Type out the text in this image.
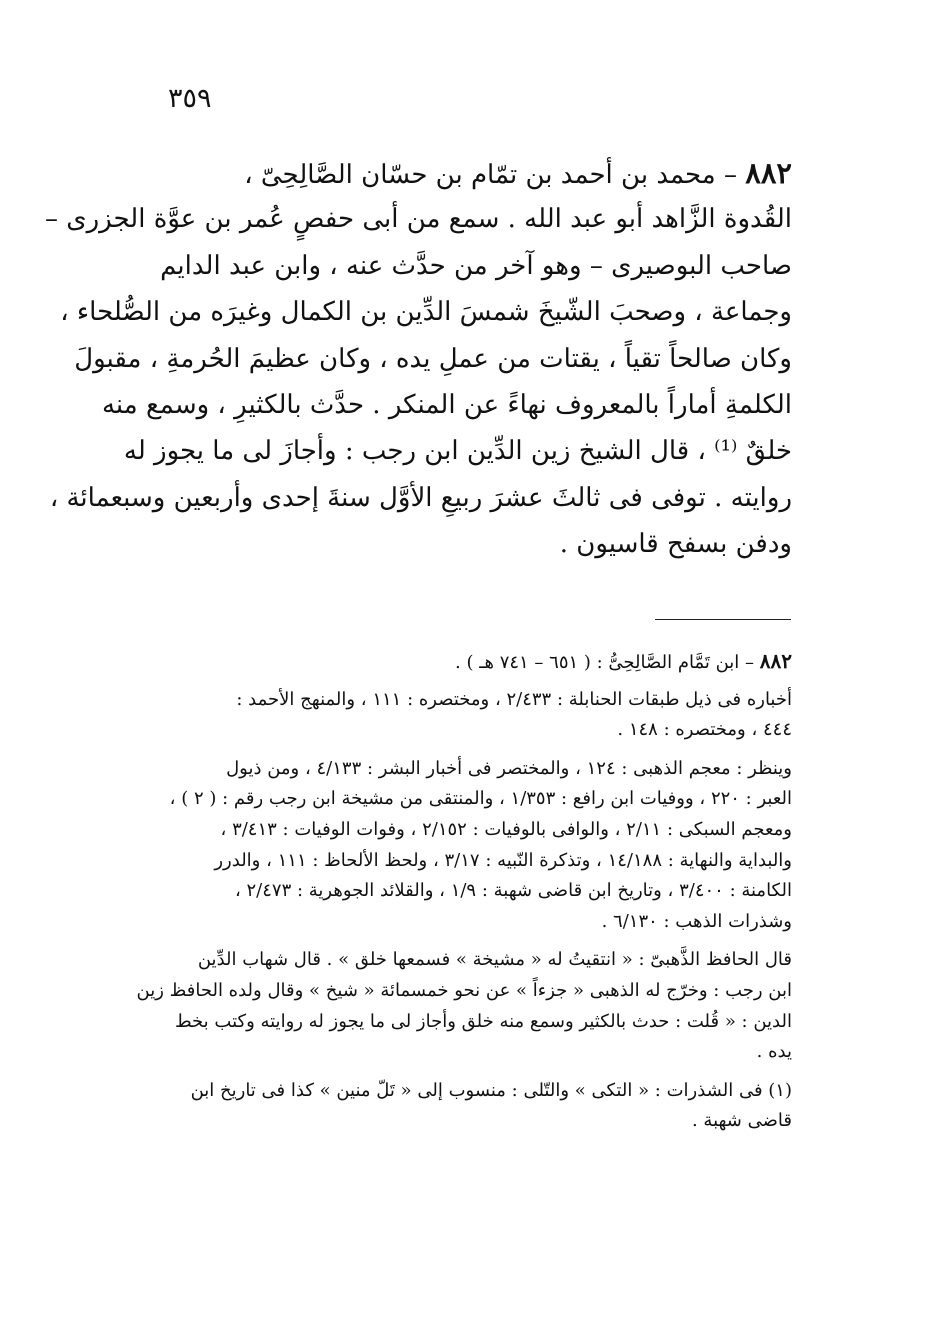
٣٥٩
٨٨٢ – محمد بن أحمد بن تمّام بن حسّان الصَّالِحِىّ ،
القُدوة الزَّاهد أبو عبد الله . سمع من أبى حفصٍ عُمر بن عوَّة الجزرى –
صاحب البوصيرى – وهو آخر من حدَّث عنه ، وابن عبد الدايم
وجماعة ، وصحبَ الشّيخَ شمسَ الدِّين بن الكمال وغيرَه من الصُّلحاء ،
وكان صالحاً تقياً ، يقتات من عملِ يده ، وكان عظيمَ الحُرمةِ ، مقبولَ
الكلمةِ أماراً بالمعروف نهاءً عن المنكر . حدَّث بالكثيرِ ، وسمع منه
خلقٌ ⁽¹⁾ ، قال الشيخ زين الدِّين ابن رجب : وأجازَ لى ما يجوز له
روايته . توفى فى ثالثَ عشرَ ربيعِ الأوَّل سنةَ إحدى وأربعين وسبعمائة ،
ودفن بسفح قاسيون .
٨٨٢ – ابن تَمَّام الصَّالِحِىُّ : ( ٦٥١ – ٧٤١ هـ ) .
أخباره فى ذيل طبقات الحنابلة : ٢/٤٣٣ ، ومختصره : ١١١ ، والمنهج الأحمد :
٤٤٤ ، ومختصره : ١٤٨ .
وينظر : معجم الذهبى : ١٢٤ ، والمختصر فى أخبار البشر : ٤/١٣٣ ، ومن ذيول
العبر : ٢٢٠ ، ووفيات ابن رافع : ١/٣٥٣ ، والمنتقى من مشيخة ابن رجب رقم : ( ٢ ) ،
ومعجم السبكى : ٢/١١ ، والوافى بالوفيات : ٢/١٥٢ ، وفوات الوفيات : ٣/٤١٣ ،
والبداية والنهاية : ١٤/١٨٨ ، وتذكرة النّبيه : ٣/١٧ ، ولحظ الألحاظ : ١١١ ، والدرر
الكامنة : ٣/٤٠٠ ، وتاريخ ابن قاضى شهبة : ١/٩ ، والقلائد الجوهرية : ٢/٤٧٣ ،
وشذرات الذهب : ٦/١٣٠ .
قال الحافظ الذَّهبىّ : « انتقيتُ له « مشيخة » فسمعها خلق » . قال شهاب الدِّين
ابن رجب : وخرّج له الذهبى « جزءاً » عن نحو خمسمائة « شيخ » وقال ولده الحافظ زين
الدين : « قُلت : حدث بالكثير وسمع منه خلق وأجاز لى ما يجوز له روايته وكتب بخط
يده .
(١) فى الشذرات : « التكى » والتّلى : منسوب إلى « تَلّ منين » كذا فى تاريخ ابن
قاضى شهبة .
